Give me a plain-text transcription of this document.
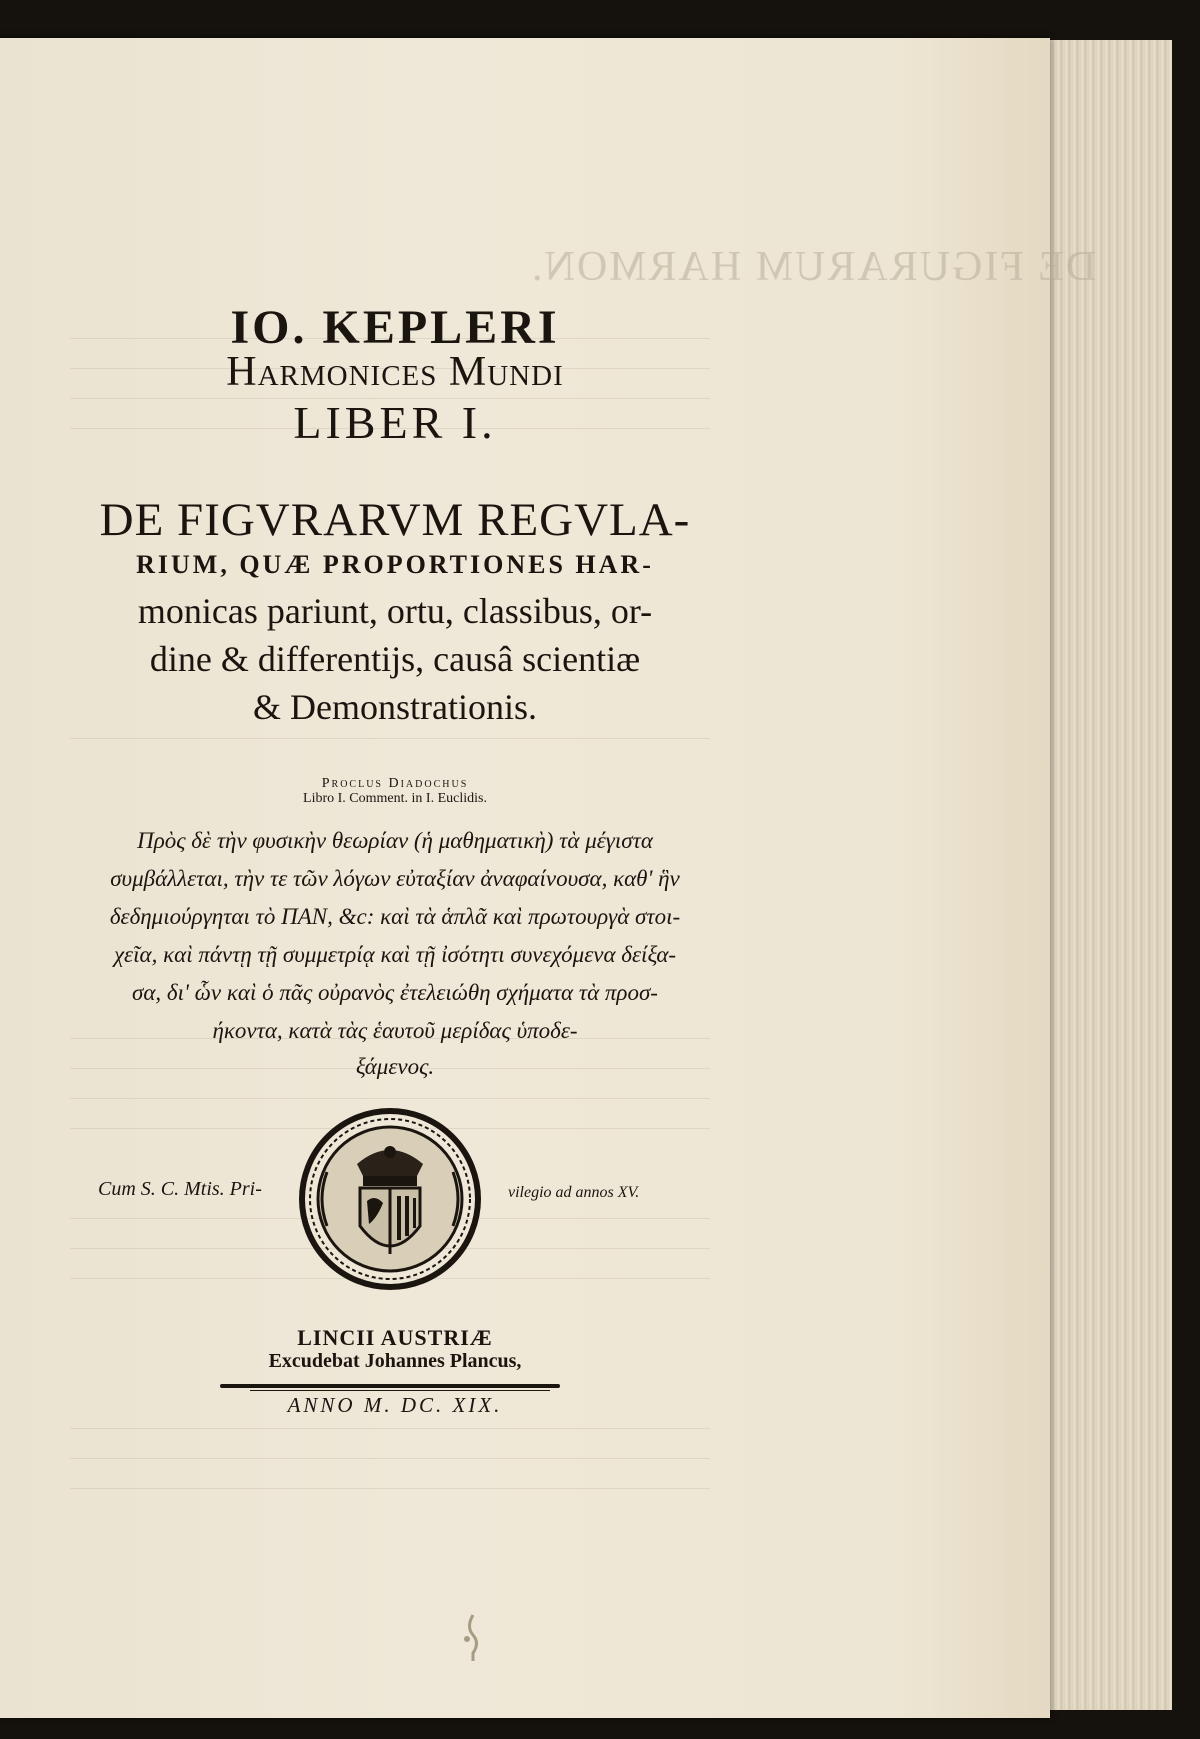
DE FIGURARUM HARMON.
IO. KEPLERI
Harmonices Mundi
LIBER I.
DE FIGVRARVM REGVLA-
RIUM, QUÆ PROPORTIONES HAR-
monicas pariunt, ortu, classibus, or-
dine & differentijs, causâ scientiæ
& Demonstrationis.
Proclus Diadochus
Libro I. Comment. in I. Euclidis.
Πρὸς δὲ τὴν φυσικὴν θεωρίαν (ἡ μαθηματικὴ) τὰ μέγιστα
συμβάλλεται, τὴν τε τῶν λόγων εὐταξίαν ἀναφαίνουσα, καθ' ἣν
δεδημιούργηται τὸ ΠΑΝ, &c: καὶ τὰ ἁπλᾶ καὶ πρωτουργὰ στοι-
χεῖα, καὶ πάντῃ τῇ συμμετρίᾳ καὶ τῇ ἰσότητι συνεχόμενα δείξα-
σα, δι' ὧν καὶ ὁ πᾶς οὐρανὸς ἐτελειώθη σχήματα τὰ προσ-
ήκοντα, κατὰ τὰς ἑαυτοῦ μερίδας ὑποδε-
ξάμενος.
Cum S. C. Mtis. Pri-	vilegio ad annos XV.
LINCII AUSTRIÆ
Excudebat Johannes Plancus,
ANNO M. DC. XIX.
